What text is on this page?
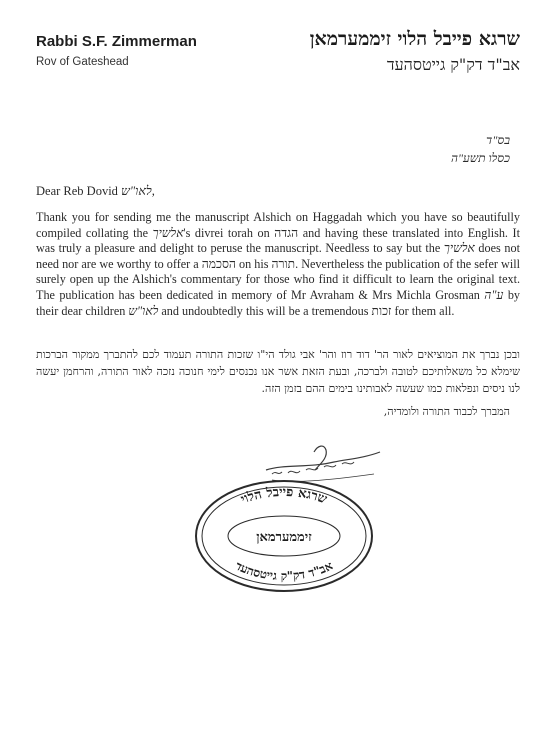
Rabbi S.F. Zimmerman
Rov of Gateshead
שרגא פייבל הלוי זיממערמאן
אב"ד דק"ק גייטסהעד
בס"ד
כסלו תשע"ה
Dear Reb Dovid לאו"ש,

Thank you for sending me the manuscript Alshich on Haggadah which you have so beautifully compiled collating the אלשיך's divrei torah on הגדה and having these translated into English. It was truly a pleasure and delight to peruse the manuscript. Needless to say but the אלשיך does not need nor are we worthy to offer a הסכמה on his תורה. Nevertheless the publication of the sefer will surely open up the Alshich's commentary for those who find it difficult to learn the original text. The publication has been dedicated in memory of Mr Avraham & Mrs Michla Grosman ע"ה by their dear children לאו"ש and undoubtedly this will be a tremendous זכות for them all.

ובכן נברך את המוציאים לאור הר' דוד רוז והר' אבי גולד הי"ו שזכות התורה תעמוד לכם להתברך ממקור הברכות שימלא כל משאלותיכם לטובה ולברכה, ובעת הזאת אשר אנו נכנסים לימי חנוכה נזכה לאור התורה, והרחמן יעשה לנו ניסים ונפלאות כמו שעשה לאבותינו בימים ההם בזמן הזה.
המברך לכבוד התורה ולומדיה,
שרגא פייבל הלוי
זיממערמאן
אב"ד דק"ק גייטסהעד
